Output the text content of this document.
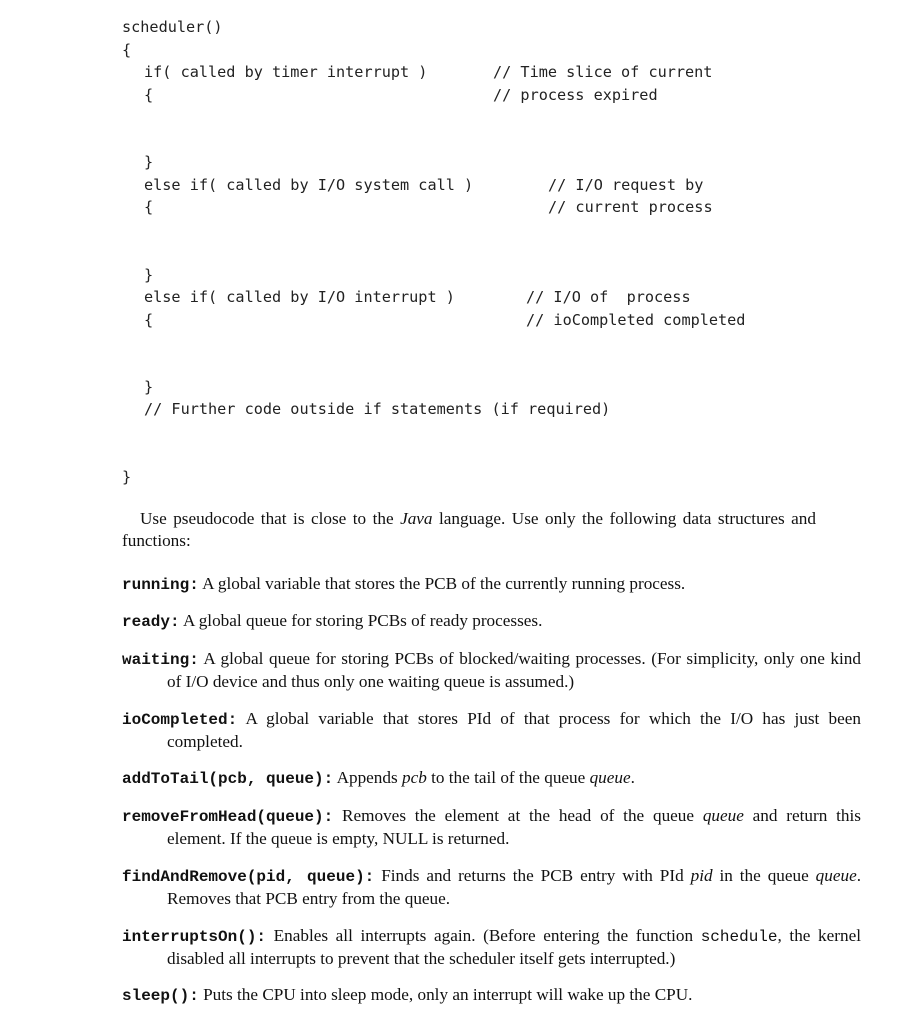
scheduler()
{
if( called by timer interrupt )	// Time slice of current
{	// process expired
}
else if( called by I/O system call )	// I/O request by
{	// current process
}
else if( called by I/O interrupt )	// I/O of  process
{	// ioCompleted completed
}
// Further code outside if statements (if required)
}
Use pseudocode that is close to the Java language. Use only the following data structures and functions:
running: A global variable that stores the PCB of the currently running process.
ready: A global queue for storing PCBs of ready processes.
waiting: A global queue for storing PCBs of blocked/waiting processes. (For simplicity, only one kind of I/O device and thus only one waiting queue is assumed.)
ioCompleted: A global variable that stores PId of that process for which the I/O has just been completed.
addToTail(pcb, queue): Appends pcb to the tail of the queue queue.
removeFromHead(queue): Removes the element at the head of the queue queue and return this element. If the queue is empty, NULL is returned.
findAndRemove(pid, queue): Finds and returns the PCB entry with PId pid in the queue queue. Removes that PCB entry from the queue.
interruptsOn(): Enables all interrupts again. (Before entering the function schedule, the kernel disabled all interrupts to prevent that the scheduler itself gets interrupted.)
sleep(): Puts the CPU into sleep mode, only an interrupt will wake up the CPU.
